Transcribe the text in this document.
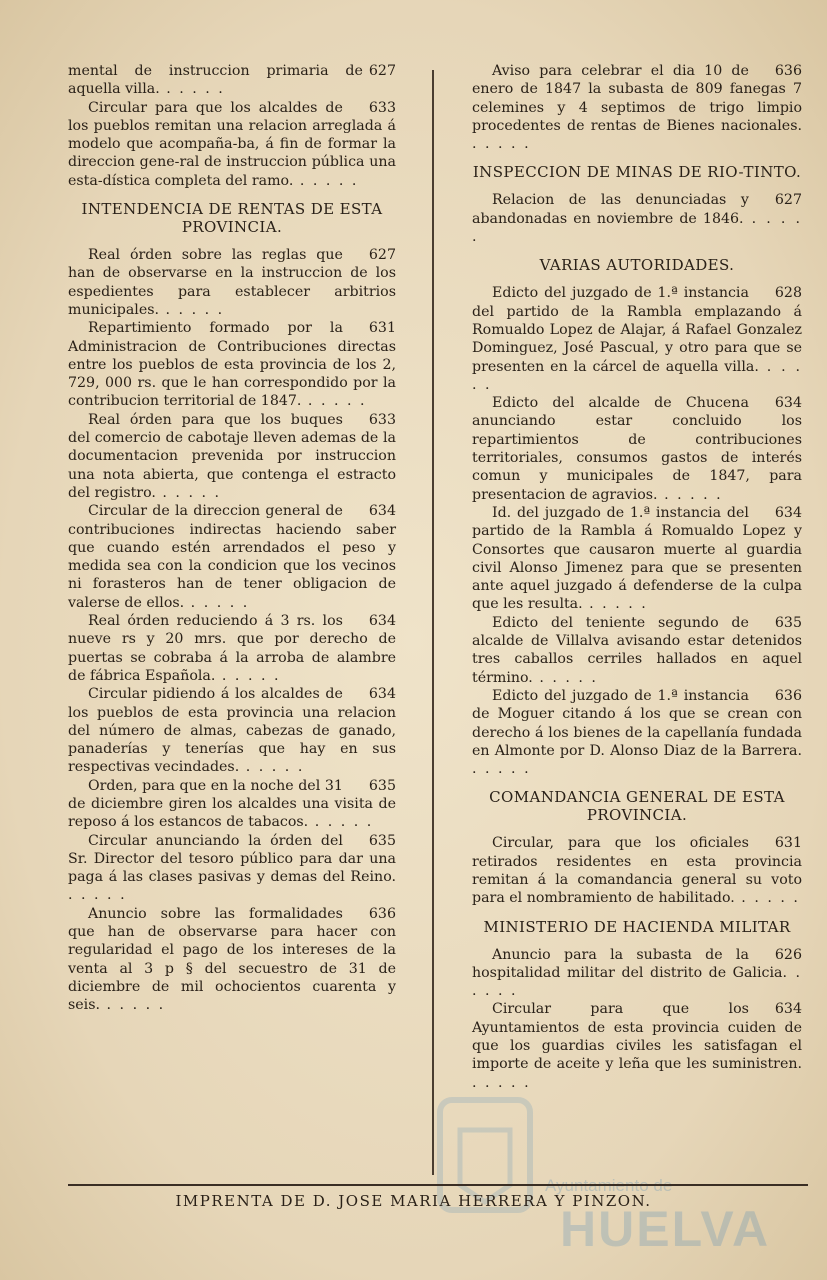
627
mental de instruccion primaria de aquella villa. . . . . .

633
Circular para que los alcaldes de los pueblos remitan una relacion arreglada á modelo que acompaña-ba, á fin de formar la direccion gene-ral de instruccion pública una esta-dística completa del ramo. . . . . .

INTENDENCIA DE RENTAS DE ESTA PROVINCIA.

627
Real órden sobre las reglas que han de observarse en la instruccion de los espedientes para establecer arbitrios municipales. . . . . .

631
Repartimiento formado por la Administracion de Contribuciones directas entre los pueblos de esta provincia de los 2, 729, 000 rs. que le han correspondido por la contribucion territorial de 1847. . . . . .

633
Real órden para que los buques del comercio de cabotaje lleven ademas de la documentacion prevenida por instruccion una nota abierta, que contenga el estracto del registro. . . . . .

634
Circular de la direccion general de contribuciones indirectas haciendo saber que cuando estén arrendados el peso y medida sea con la condicion que los vecinos ni forasteros han de tener obligacion de valerse de ellos. . . . . .

634
Real órden reduciendo á 3 rs. los nueve rs y 20 mrs. que por derecho de puertas se cobraba á la arroba de alambre de fábrica Española. . . . . .

634
Circular pidiendo á los alcaldes de los pueblos de esta provincia una relacion del número de almas, cabezas de ganado, panaderías y tenerías que hay en sus respectivas vecindades. . . . . .

635
Orden, para que en la noche del 31 de diciembre giren los alcaldes una visita de reposo á los estancos de tabacos. . . . . .

635
Circular anunciando la órden del Sr. Director del tesoro público para dar una paga á las clases pasivas y demas del Reino. . . . . .

636
Anuncio sobre las formalidades que han de observarse para hacer con regularidad el pago de los intereses de la venta al 3 p § del secuestro de 31 de diciembre de mil ochocientos cuarenta y seis. . . . . .

636
Aviso para celebrar el dia 10 de enero de 1847 la subasta de 809 fanegas 7 celemines y 4 septimos de trigo limpio procedentes de rentas de Bienes nacionales. . . . . .

INSPECCION DE MINAS DE RIO-TINTO.

627
Relacion de las denunciadas y abandonadas en noviembre de 1846. . . . . .

VARIAS AUTORIDADES.

628
Edicto del juzgado de 1.ª instancia del partido de la Rambla emplazando á Romualdo Lopez de Alajar, á Rafael Gonzalez Dominguez, José Pascual, y otro para que se presenten en la cárcel de aquella villa. . . . . .

634
Edicto del alcalde de Chucena anunciando estar concluido los repartimientos de contribuciones territoriales, consumos gastos de interés comun y municipales de 1847, para presentacion de agravios. . . . . .

634
Id. del juzgado de 1.ª instancia del partido de la Rambla á Romualdo Lopez y Consortes que causaron muerte al guardia civil Alonso Jimenez para que se presenten ante aquel juzgado á defenderse de la culpa que les resulta. . . . . .

635
Edicto del teniente segundo de alcalde de Villalva avisando estar detenidos tres caballos cerriles hallados en aquel término. . . . . .

636
Edicto del juzgado de 1.ª instancia de Moguer citando á los que se crean con derecho á los bienes de la capellanía fundada en Almonte por D. Alonso Diaz de la Barrera. . . . . .

COMANDANCIA GENERAL DE ESTA PROVINCIA.

631
Circular, para que los oficiales retirados residentes en esta provincia remitan á la comandancia general su voto para el nombramiento de habilitado. . . . . .

MINISTERIO DE HACIENDA MILITAR

626
Anuncio para la subasta de la hospitalidad militar del distrito de Galicia. . . . . .

634
Circular para que los Ayuntamientos de esta provincia cuiden de que los guardias civiles les satisfagan el importe de aceite y leña que les suministren. . . . . .

HUELVA
IMPRENTA DE D. JOSE MARIA HERRERA Y PINZON.
